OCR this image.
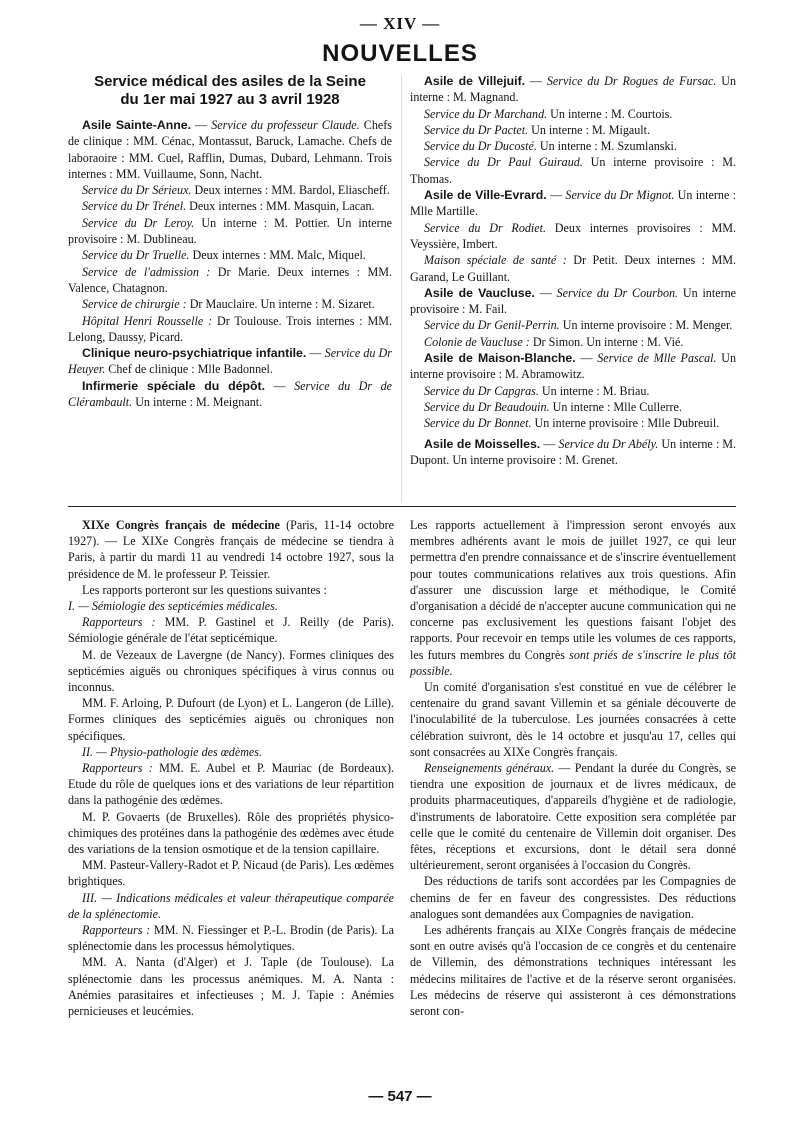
— XIV —
NOUVELLES
Service médical des asiles de la Seine
du 1er mai 1927 au 3 avril 1928

Asile Sainte-Anne. — Service du professeur Claude. Chefs de clinique : MM. Cénac, Montassut, Baruck, Lamache. Chefs de laboraoire : MM. Cuel, Rafflin, Dumas, Dubard, Lehmann. Trois internes : MM. Vuillaume, Sonn, Nacht.

Service du Dr Sérieux. Deux internes : MM. Bardol, Eliascheff.

Service du Dr Trénel. Deux internes : MM. Masquin, Lacan.

Service du Dr Leroy. Un interne : M. Pottier. Un interne provisoire : M. Dublineau.

Service du Dr Truelle. Deux internes : MM. Malc, Miquel.

Service de l'admission : Dr Marie. Deux internes : MM. Valence, Chatagnon.

Service de chirurgie : Dr Mauclaire. Un interne : M. Sizaret.

Hôpital Henri Rousselle : Dr Toulouse. Trois internes : MM. Lelong, Daussy, Picard.

Clinique neuro-psychiatrique infantile. — Service du Dr Heuyer. Chef de clinique : Mlle Badonnel.

Infirmerie spéciale du dépôt. — Service du Dr de Clérambault. Un interne : M. Meignant.

Asile de Villejuif. — Service du Dr Rogues de Fursac. Un interne : M. Magnand.

Service du Dr Marchand. Un interne : M. Courtois.

Service du Dr Pactet. Un interne : M. Migault.

Service du Dr Ducosté. Un interne : M. Szumlanski.

Service du Dr Paul Guiraud. Un interne provisoire : M. Thomas.

Asile de Ville-Evrard. — Service du Dr Mignot. Un interne : Mlle Martille.

Service du Dr Rodiet. Deux internes provisoires : MM. Veyssière, Imbert.

Maison spéciale de santé : Dr Petit. Deux internes : MM. Garand, Le Guillant.

Asile de Vaucluse. — Service du Dr Courbon. Un interne provisoire : M. Fail.

Service du Dr Genil-Perrin. Un interne provisoire : M. Menger.

Colonie de Vaucluse : Dr Simon. Un interne : M. Vié.

Asile de Maison-Blanche. — Service de Mlle Pascal. Un interne provisoire : M. Abramowitz.

Service du Dr Capgras. Un interne : M. Briau.

Service du Dr Beaudouin. Un interne : Mlle Cullerre.

Service du Dr Bonnet. Un interne provisoire : Mlle Dubreuil.

Asile de Moisselles. — Service du Dr Abély. Un interne : M. Dupont. Un interne provisoire : M. Grenet.

XIXe Congrès français de médecine (Paris, 11-14 octobre 1927). — Le XIXe Congrès français de médecine se tiendra à Paris, à partir du mardi 11 au vendredi 14 octobre 1927, sous la présidence de M. le professeur P. Teissier.

Les rapports porteront sur les questions suivantes :

I. — Sémiologie des septicémies médicales.

Rapporteurs : MM. P. Gastinel et J. Reilly (de Paris). Sémiologie générale de l'état septicémique.

M. de Vezeaux de Lavergne (de Nancy). Formes cliniques des septicémies aiguës ou chroniques spécifiques à virus connus ou inconnus.

MM. F. Arloing, P. Dufourt (de Lyon) et L. Langeron (de Lille). Formes cliniques des septicémies aiguës ou chroniques non spécifiques.

II. — Physio-pathologie des œdèmes.

Rapporteurs : MM. E. Aubel et P. Mauriac (de Bordeaux). Etude du rôle de quelques ions et des variations de leur répartition dans la pathogénie des œdèmes.

M. P. Govaerts (de Bruxelles). Rôle des propriétés physico-chimiques des protéines dans la pathogénie des œdèmes avec étude des variations de la tension osmotique et de la tension capillaire.

MM. Pasteur-Vallery-Radot et P. Nicaud (de Paris). Les œdèmes brightiques.

III. — Indications médicales et valeur thérapeutique comparée de la splénectomie.

Rapporteurs : MM. N. Fiessinger et P.-L. Brodin (de Paris). La splénectomie dans les processus hémolytiques.

MM. A. Nanta (d'Alger) et J. Taple (de Toulouse). La splénectomie dans les processus anémiques. M. A. Nanta : Anémies parasitaires et infectieuses ; M. J. Tapie : Anémies pernicieuses et leucémies.

Les rapports actuellement à l'impression seront envoyés aux membres adhérents avant le mois de juillet 1927, ce qui leur permettra d'en prendre connaissance et de s'inscrire éventuellement pour toutes communications relatives aux trois questions. Afin d'assurer une discussion large et méthodique, le Comité d'organisation a décidé de n'accepter aucune communication qui ne concerne pas exclusivement les questions faisant l'objet des rapports. Pour recevoir en temps utile les volumes de ces rapports, les futurs membres du Congrès sont priés de s'inscrire le plus tôt possible.

Un comité d'organisation s'est constitué en vue de célébrer le centenaire du grand savant Villemin et sa géniale découverte de l'inoculabilité de la tuberculose. Les journées consacrées à cette célébration suivront, dès le 14 octobre et jusqu'au 17, celles qui sont consacrées au XIXe Congrès français.

Renseignements généraux. — Pendant la durée du Congrès, se tiendra une exposition de journaux et de livres médicaux, de produits pharmaceutiques, d'appareils d'hygiène et de radiologie, d'instruments de laboratoire. Cette exposition sera complétée par celle que le comité du centenaire de Villemin doit organiser. Des fêtes, réceptions et excursions, dont le détail sera donné ultérieurement, seront organisées à l'occasion du Congrès.

Des réductions de tarifs sont accordées par les Compagnies de chemins de fer en faveur des congressistes. Des réductions analogues sont demandées aux Compagnies de navigation.

Les adhérents français au XIXe Congrès français de médecine sont en outre avisés qu'à l'occasion de ce congrès et du centenaire de Villemin, des démonstrations techniques intéressant les médecins militaires de l'active et de la réserve seront organisées. Les médecins de réserve qui assisteront à ces démonstrations seront con-

— 547 —
